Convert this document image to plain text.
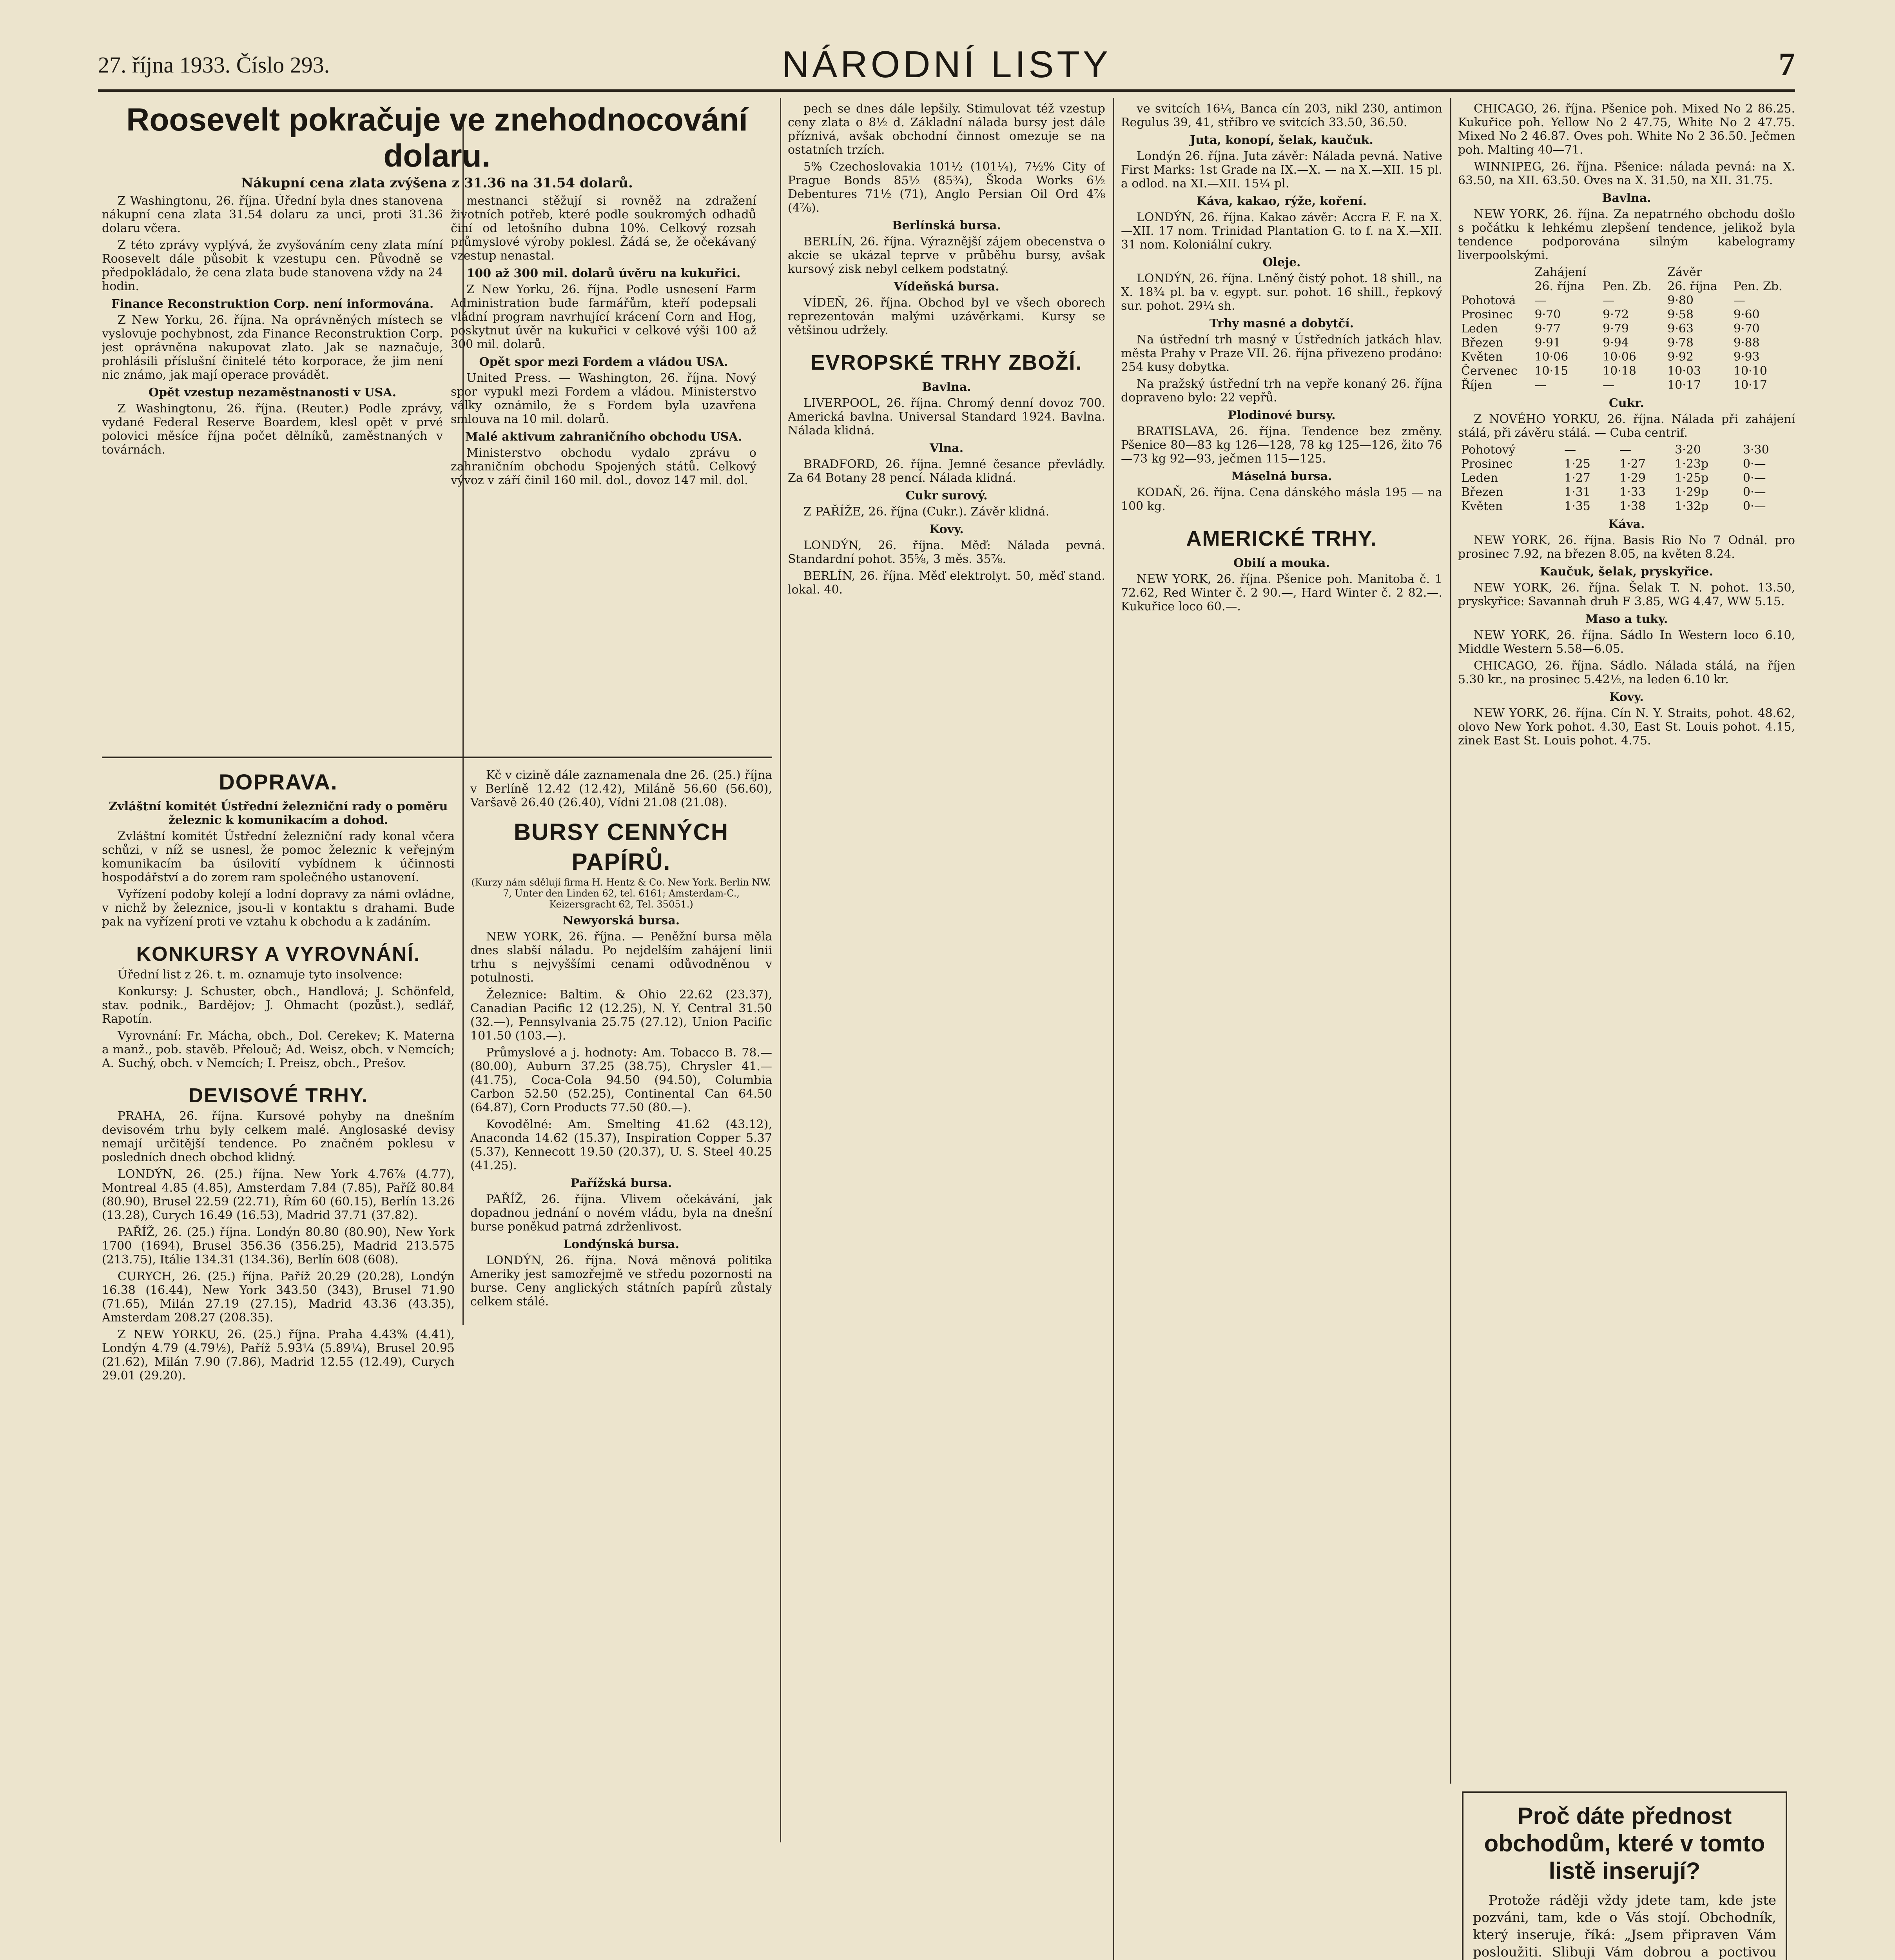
27. října 1933. Číslo 293.	NÁRODNÍ LISTY	7
Roosevelt pokračuje ve znehodnocování dolaru.
Nákupní cena zlata zvýšena z 31.36 na 31.54 dolarů.

Z Washingtonu, 26. října. Úřední byla dnes stanovena nákupní cena zlata 31.54 dolaru za unci, proti 31.36 dolaru včera.

Z této zprávy vyplývá, že zvyšováním ceny zlata míní Roosevelt dále působit k vzestupu cen. Původně se předpokládalo, že cena zlata bude stanovena vždy na 24 hodin.

Finance Reconstruktion Corp. není informována.

Z New Yorku, 26. října. Na oprávněných místech se vyslovuje pochybnost, zda Finance Reconstruktion Corp. jest oprávněna nakupovat zlato. Jak se naznačuje, prohlásili příslušní činitelé této korporace, že jim není nic známo, jak mají operace provádět.

Opět vzestup nezaměstnanosti v USA.

Z Washingtonu, 26. října. (Reuter.) Podle zprávy, vydané Federal Reserve Boardem, klesl opět v prvé polovici měsíce října počet dělníků, zaměstnaných v továrnách.

mestnanci stěžují si rovněž na zdražení životních potřeb, které podle soukromých odhadů činí od letošního dubna 10%. Celkový rozsah průmyslové výroby poklesl. Žádá se, že očekávaný vzestup nenastal.

100 až 300 mil. dolarů úvěru na kukuřici.

Z New Yorku, 26. října. Podle usnesení Farm Administration bude farmářům, kteří podepsali vládní program navrhující krácení Corn and Hog, poskytnut úvěr na kukuřici v celkové výši 100 až 300 mil. dolarů.

Opět spor mezi Fordem a vládou USA.

United Press. — Washington, 26. října. Nový spor vypukl mezi Fordem a vládou. Ministerstvo války oznámilo, že s Fordem byla uzavřena smlouva na 10 mil. dolarů.

Malé aktivum zahraničního obchodu USA.

Ministerstvo obchodu vydalo zprávu o zahraničním obchodu Spojených států. Celkový vývoz v září činil 160 mil. dol., dovoz 147 mil. dol.

DOPRAVA.
Zvláštní komitét Ústřední železniční rady o poměru železnic k komunikacím a dohod.

Zvláštní komitét Ústřední železniční rady konal včera schůzi, v níž se usnesl, že pomoc železnic k veřejným komunikacím ba úsilovití vybídnem k účinnosti hospodářství a do zorem ram společného ustanovení.

Vyřízení podoby kolejí a lodní dopravy za námi ovládne, v nichž by železnice, jsou-li v kontaktu s drahami. Bude pak na vyřízení proti ve vztahu k obchodu a k zadáním.

KONKURSY A VYROVNÁNÍ.

Úřední list z 26. t. m. oznamuje tyto insolvence:

Konkursy: J. Schuster, obch., Handlová; J. Schönfeld, stav. podnik., Bardějov; J. Ohmacht (pozůst.), sedlář, Rapotín.

Vyrovnání: Fr. Mácha, obch., Dol. Cerekev; K. Materna a manž., pob. stavěb. Přelouč; Ad. Weisz, obch. v Nemcích; A. Suchý, obch. v Nemcích; I. Preisz, obch., Prešov.

DEVISOVÉ TRHY.

PRAHA, 26. října. Kursové pohyby na dnešním devisovém trhu byly celkem malé. Anglosaské devisy nemají určitější tendence. Po značném poklesu v posledních dnech obchod klidný.

LONDÝN, 26. (25.) října. New York 4.76⅞ (4.77), Montreal 4.85 (4.85), Amsterdam 7.84 (7.85), Paříž 80.84 (80.90), Brusel 22.59 (22.71), Řím 60 (60.15), Berlín 13.26 (13.28), Curych 16.49 (16.53), Madrid 37.71 (37.82).

PAŘÍŽ, 26. (25.) října. Londýn 80.80 (80.90), New York 1700 (1694), Brusel 356.36 (356.25), Madrid 213.575 (213.75), Itálie 134.31 (134.36), Berlín 608 (608).

CURYCH, 26. (25.) října. Paříž 20.29 (20.28), Londýn 16.38 (16.44), New York 343.50 (343), Brusel 71.90 (71.65), Milán 27.19 (27.15), Madrid 43.36 (43.35), Amsterdam 208.27 (208.35).

Z NEW YORKU, 26. (25.) října. Praha 4.43% (4.41), Londýn 4.79 (4.79½), Paříž 5.93¼ (5.89¼), Brusel 20.95 (21.62), Milán 7.90 (7.86), Madrid 12.55 (12.49), Curych 29.01 (29.20).

Kč v cizině dále zaznamenala dne 26. (25.) října v Berlíně 12.42 (12.42), Miláně 56.60 (56.60), Varšavě 26.40 (26.40), Vídni 21.08 (21.08).

BURSY CENNÝCH PAPÍRŮ.
(Kurzy nám sdělují firma H. Hentz & Co. New York. Berlin NW. 7, Unter den Linden 62, tel. 6161; Amsterdam-C., Keizersgracht 62, Tel. 35051.)
Newyorská bursa.

NEW YORK, 26. října. — Peněžní bursa měla dnes slabší náladu. Po nejdelším zahájení linii trhu s nejvyššími cenami odůvodněnou v potulnosti.

Železnice: Baltim. & Ohio 22.62 (23.37), Canadian Pacific 12 (12.25), N. Y. Central 31.50 (32.—), Pennsylvania 25.75 (27.12), Union Pacific 101.50 (103.—).

Průmyslové a j. hodnoty: Am. Tobacco B. 78.— (80.00), Auburn 37.25 (38.75), Chrysler 41.— (41.75), Coca-Cola 94.50 (94.50), Columbia Carbon 52.50 (52.25), Continental Can 64.50 (64.87), Corn Products 77.50 (80.—).

Kovodělné: Am. Smelting 41.62 (43.12), Anaconda 14.62 (15.37), Inspiration Copper 5.37 (5.37), Kennecott 19.50 (20.37), U. S. Steel 40.25 (41.25).

Pařížská bursa.

PAŘÍŽ, 26. října. Vlivem očekávání, jak dopadnou jednání o novém vládu, byla na dnešní burse poněkud patrná zdrženlivost.

Londýnská bursa.

LONDÝN, 26. října. Nová měnová politika Ameriky jest samozřejmě ve středu pozornosti na burse. Ceny anglických státních papírů zůstaly celkem stálé.

pech se dnes dále lepšily. Stimulovat též vzestup ceny zlata o 8½ d. Základní nálada bursy jest dále příznivá, avšak obchodní činnost omezuje se na ostatních trzích.

5% Czechoslovakia 101½ (101¼), 7½% City of Prague Bonds 85½ (85¾), Škoda Works 6½ Debentures 71½ (71), Anglo Persian Oil Ord 4⅞ (4⅞).

Berlínská bursa.

BERLÍN, 26. října. Výraznější zájem obecenstva o akcie se ukázal teprve v průběhu bursy, avšak kursový zisk nebyl celkem podstatný.

Vídeňská bursa.

VÍDEŇ, 26. října. Obchod byl ve všech oborech reprezentován malými uzávěrkami. Kursy se většinou udržely.

EVROPSKÉ TRHY ZBOŽÍ.
Bavlna.

LIVERPOOL, 26. října. Chromý denní dovoz 700. Americká bavlna. Universal Standard 1924. Bavlna. Nálada klidná.

Vlna.

BRADFORD, 26. října. Jemné česance převládly. Za 64 Botany 28 pencí. Nálada klidná.

Cukr surový.

Z PAŘÍŽE, 26. října (Cukr.). Závěr klidná.

Kovy.

LONDÝN, 26. října. Měď: Nálada pevná. Standardní pohot. 35⅝, 3 měs. 35⅞.

BERLÍN, 26. října. Měď elektrolyt. 50, měď stand. lokal. 40.

ve svitcích 16¼, Banca cín 203, nikl 230, antimon Regulus 39, 41, stříbro ve svitcích 33.50, 36.50.

Juta, konopí, šelak, kaučuk.

Londýn 26. října. Juta závěr: Nálada pevná. Native First Marks: 1st Grade na IX.—X. — na X.—XII. 15 pl. a odlod. na XI.—XII. 15¼ pl.

Káva, kakao, rýže, koření.

LONDÝN, 26. října. Kakao závěr: Accra F. F. na X.—XII. 17 nom. Trinidad Plantation G. to f. na X.—XII. 31 nom. Koloniální cukry.

Oleje.

LONDÝN, 26. října. Lněný čistý pohot. 18 shill., na X. 18¾ pl. ba v. egypt. sur. pohot. 16 shill., řepkový sur. pohot. 29¼ sh.

Trhy masné a dobytčí.

Na ústřední trh masný v Ústředních jatkách hlav. města Prahy v Praze VII. 26. října přivezeno prodáno: 254 kusy dobytka.

Na pražský ústřední trh na vepře konaný 26. října dopraveno bylo: 22 vepřů.

Plodinové bursy.

BRATISLAVA, 26. října. Tendence bez změny. Pšenice 80—83 kg 126—128, 78 kg 125—126, žito 76—73 kg 92—93, ječmen 115—125.

Máselná bursa.

KODAŇ, 26. října. Cena dánského másla 195 — na 100 kg.

AMERICKÉ TRHY.
Obilí a mouka.

NEW YORK, 26. října. Pšenice poh. Manitoba č. 1 72.62, Red Winter č. 2 90.—, Hard Winter č. 2 82.—. Kukuřice loco 60.—.

CHICAGO, 26. října. Pšenice poh. Mixed No 2 86.25. Kukuřice poh. Yellow No 2 47.75, White No 2 47.75. Mixed No 2 46.87. Oves poh. White No 2 36.50. Ječmen poh. Malting 40—71.

WINNIPEG, 26. října. Pšenice: nálada pevná: na X. 63.50, na XII. 63.50. Oves na X. 31.50, na XII. 31.75.

Bavlna.

NEW YORK, 26. října. Za nepatrného obchodu došlo s počátku k lehkému zlepšení tendence, jelikož byla tendence podporována silným kabelogramy liverpoolskými.

	Zahájení		Závěr	
	26. října	Pen. Zb.	26. října	Pen. Zb.
Pohotová	—	—	9·80	—
Prosinec	9·70	9·72	9·58	9·60
Leden	9·77	9·79	9·63	9·70
Březen	9·91	9·94	9·78	9·88
Květen	10·06	10·06	9·92	9·93
Červenec	10·15	10·18	10·03	10·10
Říjen	—	—	10·17	10·17
Cukr.

Z NOVÉHO YORKU, 26. října. Nálada při zahájení stálá, při závěru stálá. — Cuba centrif.

Pohotový	—	—	3·20	3·30
Prosinec	1·25	1·27	1·23p	0·—
Leden	1·27	1·29	1·25p	0·—
Březen	1·31	1·33	1·29p	0·—
Květen	1·35	1·38	1·32p	0·—
Káva.

NEW YORK, 26. října. Basis Rio No 7 Odnál. pro prosinec 7.92, na březen 8.05, na květen 8.24.

Kaučuk, šelak, pryskyřice.

NEW YORK, 26. října. Šelak T. N. pohot. 13.50, pryskyřice: Savannah druh F 3.85, WG 4.47, WW 5.15.

Maso a tuky.

NEW YORK, 26. října. Sádlo In Western loco 6.10, Middle Western 5.58—6.05.

CHICAGO, 26. října. Sádlo. Nálada stálá, na říjen 5.30 kr., na prosinec 5.42½, na leden 6.10 kr.

Kovy.

NEW YORK, 26. října. Cín N. Y. Straits, pohot. 48.62, olovo New York pohot. 4.30, East St. Louis pohot. 4.15, zinek East St. Louis pohot. 4.75.

Proč dáte přednost obchodům, které v tomto listě inserují?

Protože ráději vždy jdete tam, kde jste pozváni, tam, kde o Vás stojí. Obchodník, který inseruje, říká: „Jsem připraven Vám posloužiti. Slibuji Vám dobrou a poctivou
